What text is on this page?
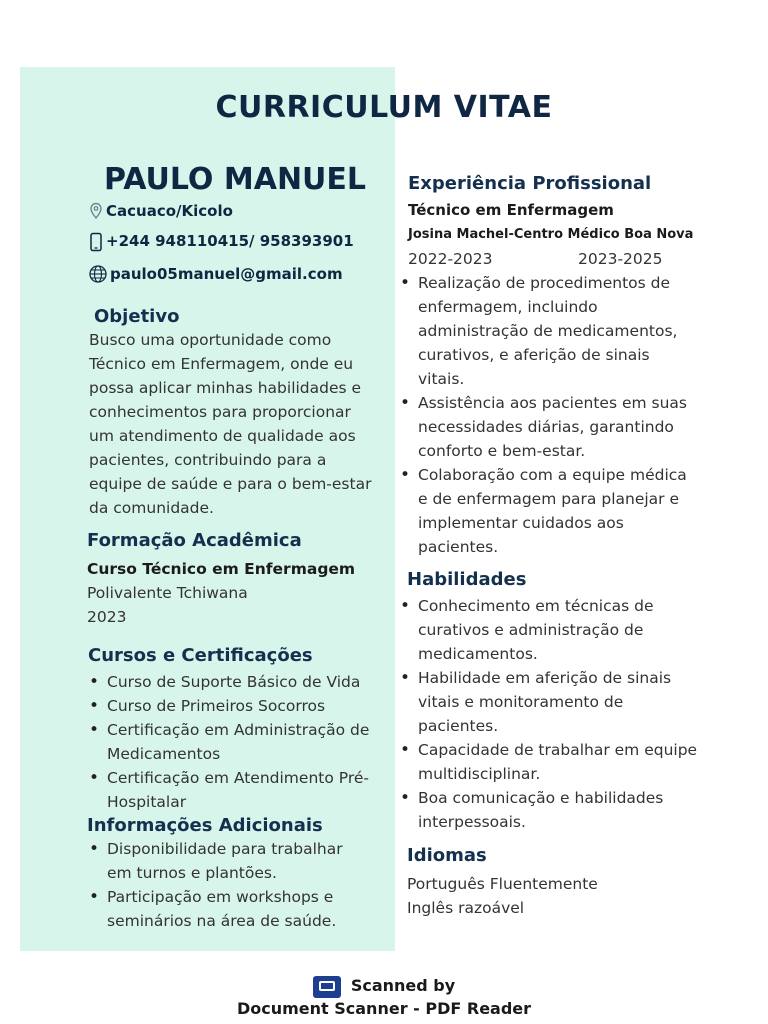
CURRICULUM VITAE
PAULO MANUEL
Cacuaco/Kicolo
+244 948110415/ 958393901
paulo05manuel@gmail.com
Objetivo
Busco uma oportunidade como
Técnico em Enfermagem, onde eu
possa aplicar minhas habilidades e
conhecimentos para proporcionar
um atendimento de qualidade aos
pacientes, contribuindo para a
equipe de saúde e para o bem-estar
da comunidade.
Formação Acadêmica
Curso Técnico em Enfermagem
Polivalente Tchiwana
2023
Cursos e Certificações
• Curso de Suporte Básico de Vida
• Curso de Primeiros Socorros
• Certificação em Administração de Medicamentos
• Certificação em Atendimento Pré-Hospitalar
Informações Adicionais
• Disponibilidade para trabalhar em turnos e plantões.
• Participação em workshops e seminários na área de saúde.
Experiência Profissional
Técnico em Enfermagem
Josina Machel-Centro Médico Boa Nova
2022-2023	2023-2025
• Realização de procedimentos de enfermagem, incluindo administração de medicamentos, curativos, e aferição de sinais vitais.
• Assistência aos pacientes em suas necessidades diárias, garantindo conforto e bem-estar.
• Colaboração com a equipe médica e de enfermagem para planejar e implementar cuidados aos pacientes.
Habilidades
• Conhecimento em técnicas de curativos e administração de medicamentos.
• Habilidade em aferição de sinais vitais e monitoramento de pacientes.
• Capacidade de trabalhar em equipe multidisciplinar.
• Boa comunicação e habilidades interpessoais.
Idiomas
Português Fluentemente
Inglês razoável
Scanned by
Document Scanner - PDF Reader
